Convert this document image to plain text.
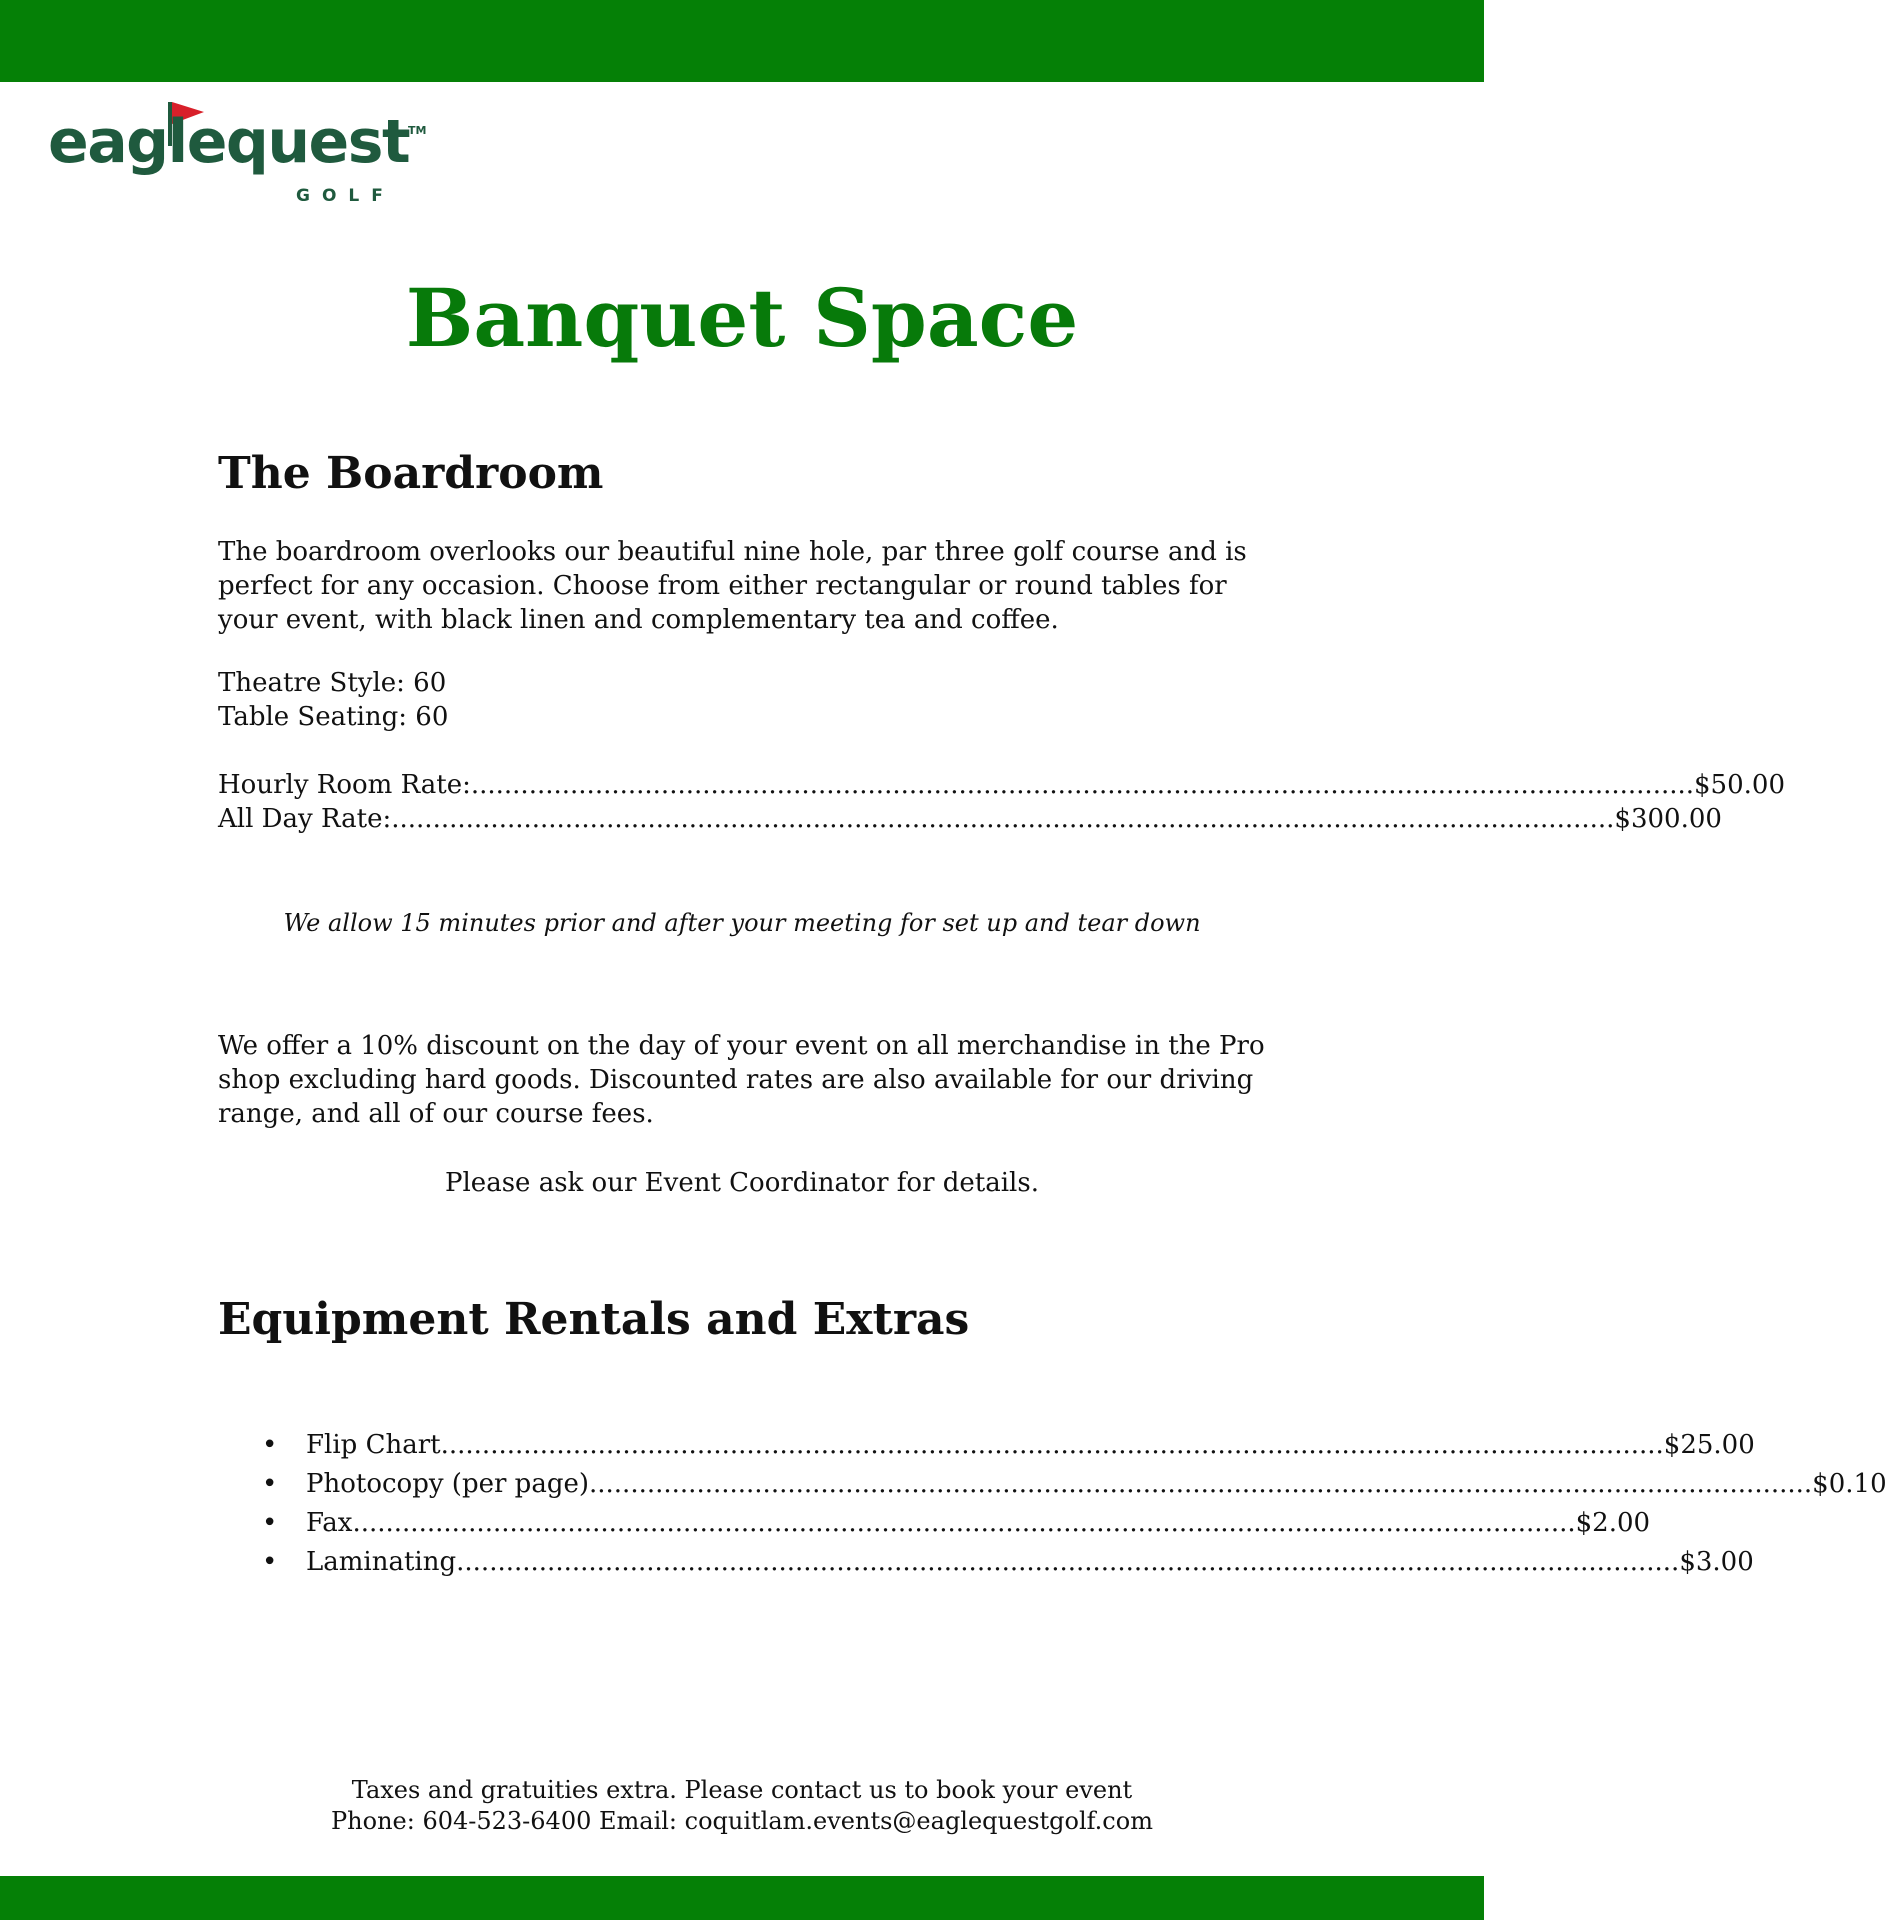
eaglequest
TM
GOLF
Banquet Space
The Boardroom

The boardroom overlooks our beautiful nine hole, par three golf course and is perfect for any occasion. Choose from either rectangular or round tables for your event, with black linen and complementary tea and coffee.

Theatre Style: 60
Table Seating: 60
Hourly Room Rate: .................................................................................................................................................... $50.00
All Day Rate: .................................................................................................................................................... $300.00
We allow 15 minutes prior and after your meeting for set up and tear down

We offer a 10% discount on the day of your event on all merchandise in the Pro shop excluding hard goods. Discounted rates are also available for our driving range, and all of our course fees.

Please ask our Event Coordinator for details.
Equipment Rentals and Extras
• Flip Chart .................................................................................................................................................... $25.00
• Photocopy (per page) .................................................................................................................................................... $0.10
• Fax .................................................................................................................................................... $2.00
• Laminating .................................................................................................................................................... $3.00
Taxes and gratuities extra. Please contact us to book your event
Phone: 604-523-6400 Email: coquitlam.events@eaglequestgolf.com
